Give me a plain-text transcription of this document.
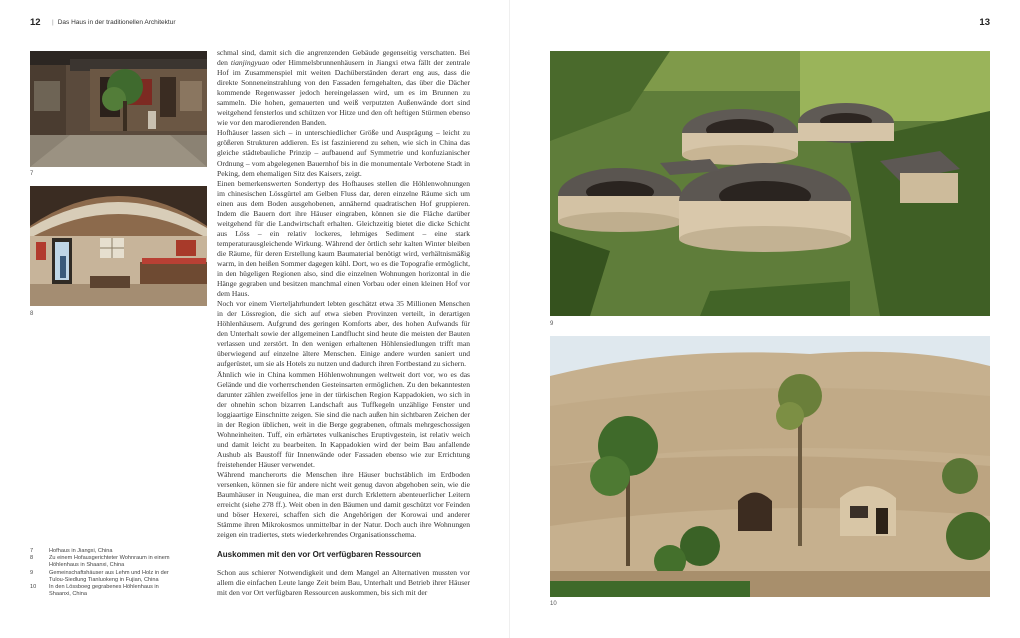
12 | Das Haus in der traditionellen Architektur
7
8

schmal sind, damit sich die angrenzenden Gebäude gegenseitig verschatten. Bei den tianjingyuan oder Himmelsbrunnenhäusern in Jiangxi etwa fällt der zentrale Hof im Zusammenspiel mit weiten Dachüberständen derart eng aus, dass die direkte Sonneneinstrahlung von den Fassaden ferngehalten, das über die Dächer kommende Regenwasser jedoch hereingelassen wird, um es im Brunnen zu sammeln. Die hohen, gemauerten und weiß verputzten Außenwände dort sind weitgehend fensterlos und schützen vor Hitze und den oft heftigen Stürmen ebenso wie vor den marodierenden Banden.

Hofhäuser lassen sich – in unterschiedlicher Größe und Ausprägung – leicht zu größeren Strukturen addieren. Es ist faszinierend zu sehen, wie sich in China das gleiche städtebauliche Prinzip – aufbauend auf Symmetrie und konfuzianischer Ordnung – vom abgelegenen Bauernhof bis in die monumentale Verbotene Stadt in Peking, dem ehemaligen Sitz des Kaisers, zeigt.

Einen bemerkenswerten Sondertyp des Hofhauses stellen die Höhlenwohnungen im chinesischen Lössgürtel am Gelben Fluss dar, deren einzelne Räume sich um einen aus dem Boden ausgehobenen, annähernd quadratischen Hof gruppieren. Indem die Bauern dort ihre Häuser eingraben, können sie die Fläche darüber weitgehend für die Landwirtschaft erhalten. Gleichzeitig bietet die dicke Schicht aus Löss – ein relativ lockeres, lehmiges Sediment – eine stark temperaturausgleichende Wirkung. Während der örtlich sehr kalten Winter bleiben die Räume, für deren Erstellung kaum Baumaterial benötigt wird, verhältnismäßig warm, in den heißen Sommer dagegen kühl. Dort, wo es die Topografie ermöglicht, in den hügeligen Regionen also, sind die einzelnen Wohnungen horizontal in die Hänge gegraben und besitzen manchmal einen Vorbau oder einen kleinen Hof vor dem Haus.

Noch vor einem Vierteljahrhundert lebten geschätzt etwa 35 Millionen Menschen in der Lössregion, die sich auf etwa sieben Provinzen verteilt, in derartigen Höhlenhäusern. Aufgrund des geringen Komforts aber, des hohen Aufwands für den Unterhalt sowie der allgemeinen Landflucht sind heute die meisten der Bauten verlassen und zerstört. In den wenigen erhaltenen Höhlensiedlungen trifft man überwiegend auf einzelne ältere Menschen. Einige andere wurden saniert und aufgerüstet, um sie als Hotels zu nutzen und dadurch ihren Fortbestand zu sichern.

Ähnlich wie in China kommen Höhlenwohnungen weltweit dort vor, wo es das Gelände und die vorherrschenden Gesteinsarten ermöglichen. Zu den bekanntesten darunter zählen zweifellos jene in der türkischen Region Kappadokien, wo sich in der ohnehin schon bizarren Landschaft aus Tuffkegeln unzählige Fenster und loggiaartige Einschnitte zeigen. Sie sind die nach außen hin sichtbaren Zeichen der in der Region üblichen, weit in die Berge gegrabenen, oftmals mehrgeschossigen Wohneinheiten. Tuff, ein erhärtetes vulkanisches Eruptivgestein, ist relativ weich und damit leicht zu bearbeiten. In Kappadokien wird der beim Bau anfallende Aushub als Baustoff für Innenwände oder Fassaden ebenso wie zur Errichtung freistehender Häuser verwendet.

Während mancherorts die Menschen ihre Häuser buchstäblich im Erdboden versenken, können sie für andere nicht weit genug davon abgehoben sein, wie die Baumhäuser in Neuguinea, die man erst durch Erklettern abenteuerlicher Leitern erreicht (siehe 278 ff.). Weit oben in den Bäumen und damit geschützt vor Feinden und böser Hexerei, schaffen sich die Angehörigen der Korowai und anderer Stämme ihren Mikrokosmos unmittelbar in der Natur. Doch auch ihre Wohnungen zeigen ein tradiertes, stets wiederkehrendes Organisationsschema.

Auskommen mit den vor Ort verfügbaren Ressourcen

Schon aus schierer Notwendigkeit und dem Mangel an Alternativen mussten vor allem die einfachen Leute lange Zeit beim Bau, Unterhalt und Betrieb ihrer Häuser mit den vor Ort verfügbaren Ressourcen auskommen, bis sich mit der

7	Hofhaus in Jiangxi, China
8	Zu einem Hofausgerichteter Wohnraum in einem Höhlenhaus in Shaanxi, China
9	Gemeinschaftshäuser aus Lehm und Holz in der Tulou-Siedlung Tianluokeng in Fujian, China
10	In den Lössboeg gegrabenes Höhlenhaus in Shaanxi, China
13
9
10
